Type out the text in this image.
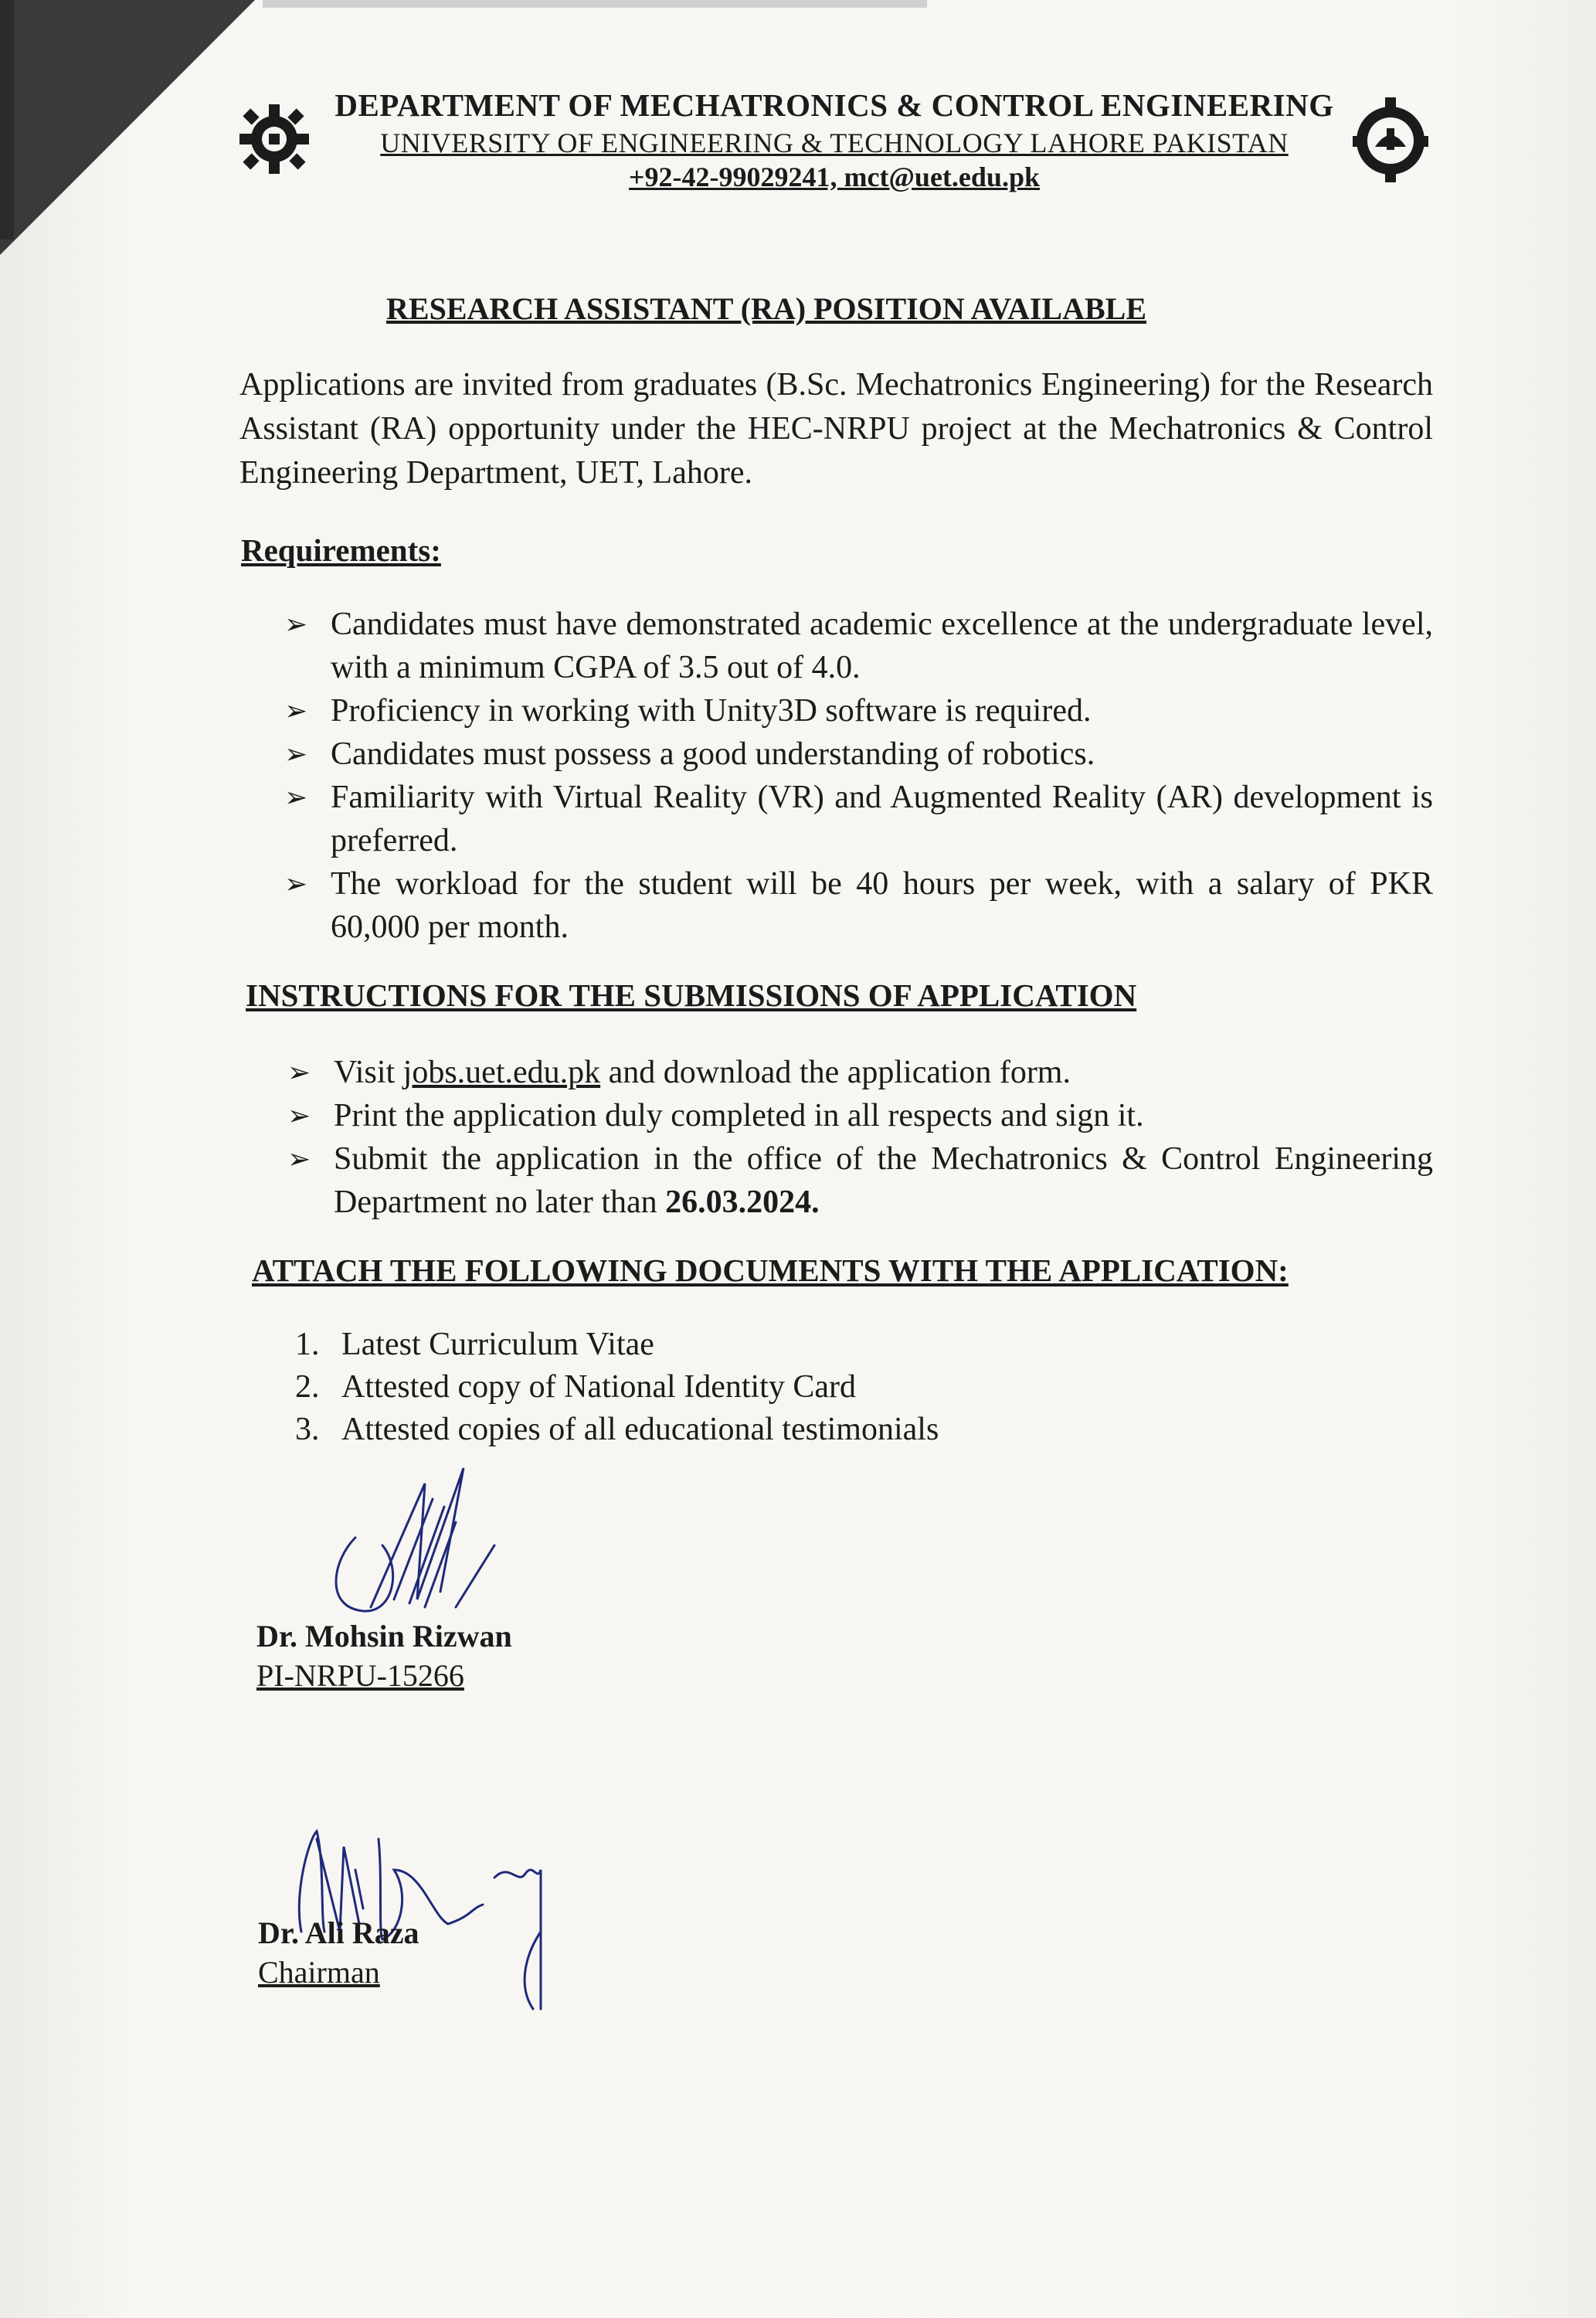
DEPARTMENT OF MECHATRONICS & CONTROL ENGINEERING
UNIVERSITY OF ENGINEERING & TECHNOLOGY LAHORE PAKISTAN
+92-42-99029241, mct@uet.edu.pk
RESEARCH ASSISTANT (RA) POSITION AVAILABLE

Applications are invited from graduates (B.Sc. Mechatronics Engineering) for the Research Assistant (RA) opportunity under the HEC-NRPU project at the Mechatronics & Control Engineering Department, UET, Lahore.

Requirements:
➢ Candidates must have demonstrated academic excellence at the undergraduate level, with a minimum CGPA of 3.5 out of 4.0.
➢ Proficiency in working with Unity3D software is required.
➢ Candidates must possess a good understanding of robotics.
➢ Familiarity with Virtual Reality (VR) and Augmented Reality (AR) development is preferred.
➢ The workload for the student will be 40 hours per week, with a salary of PKR 60,000 per month.
INSTRUCTIONS FOR THE SUBMISSIONS OF APPLICATION
➢ Visit jobs.uet.edu.pk and download the application form.
➢ Print the application duly completed in all respects and sign it.
➢ Submit the application in the office of the Mechatronics & Control Engineering Department no later than 26.03.2024.
ATTACH THE FOLLOWING DOCUMENTS WITH THE APPLICATION:
1. Latest Curriculum Vitae
2. Attested copy of National Identity Card
3. Attested copies of all educational testimonials
Dr. Mohsin Rizwan
PI-NRPU-15266
Dr. Ali Raza
Chairman
